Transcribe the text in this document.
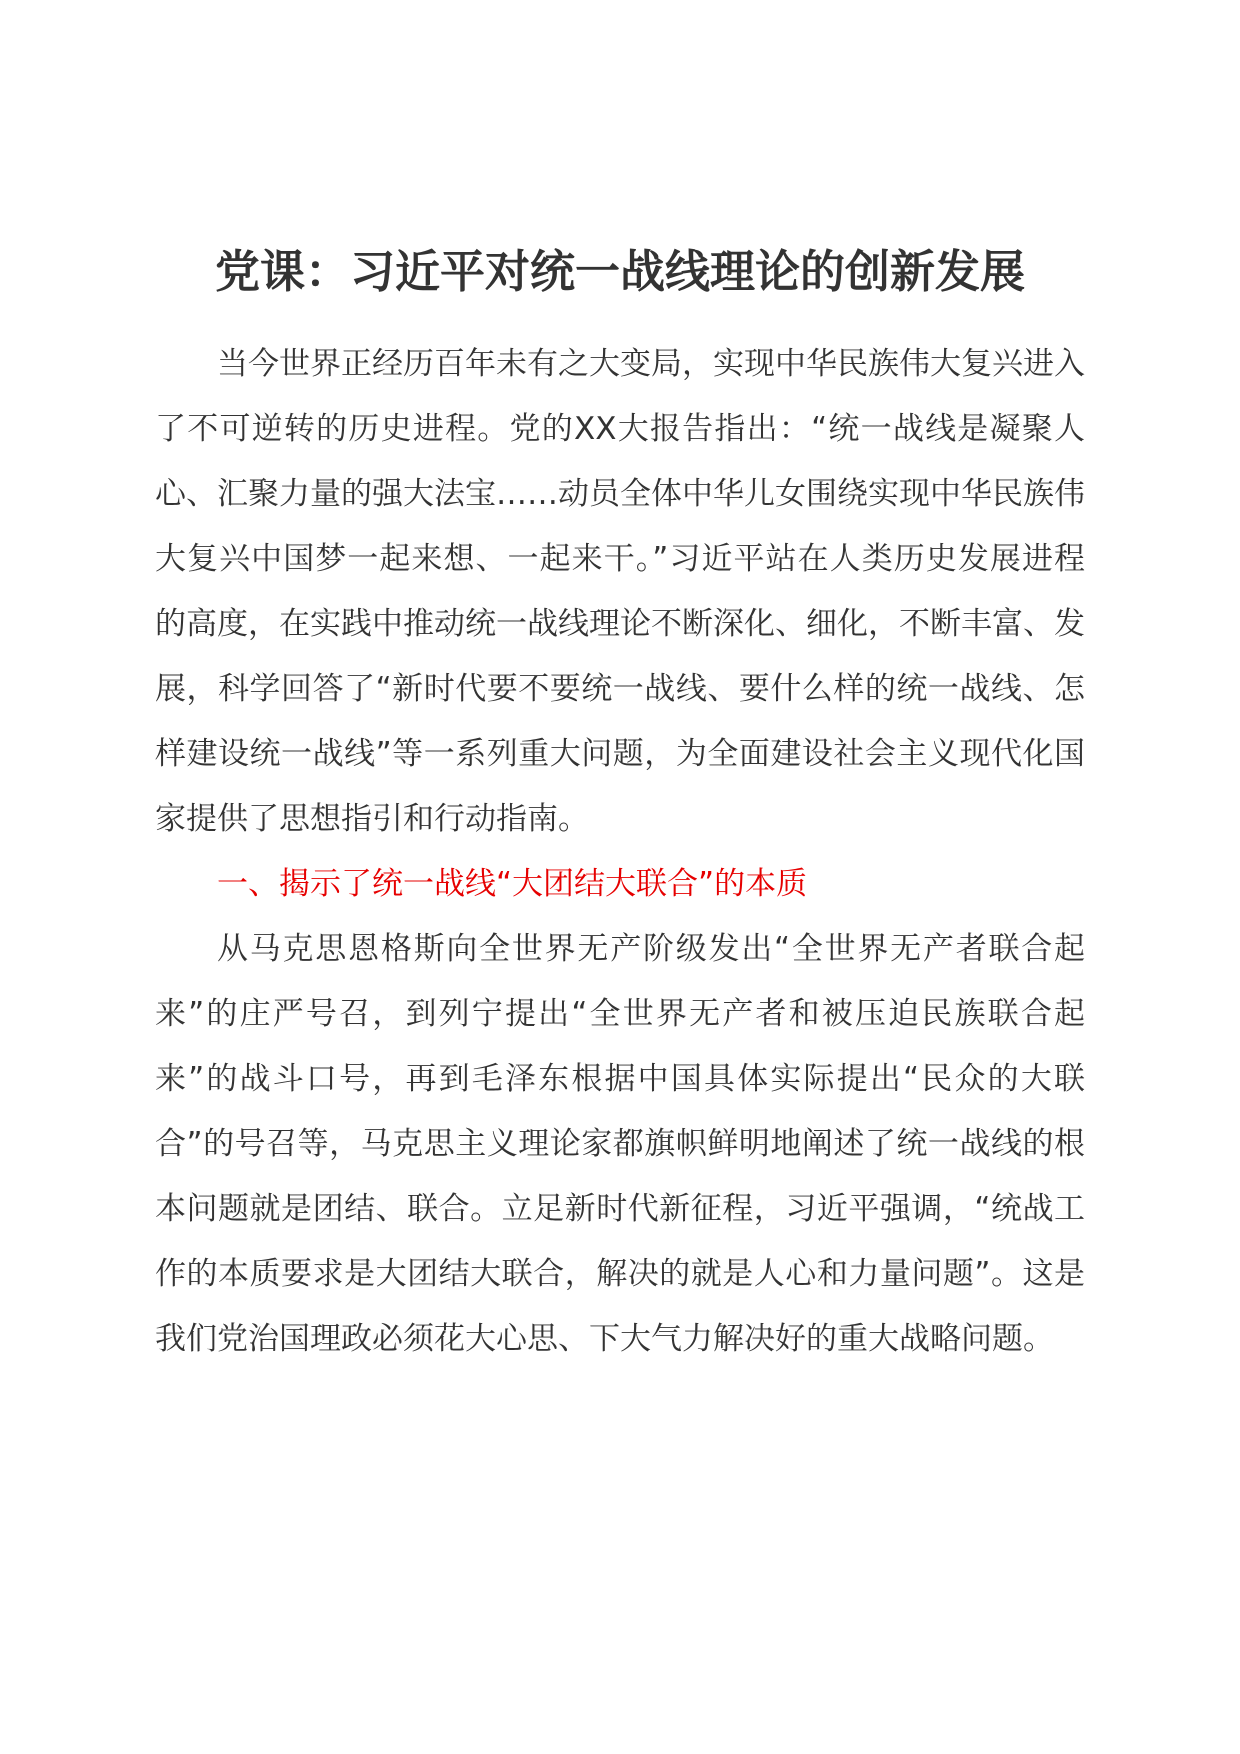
党课：习近平对统一战线理论的创新发展

当今世界正经历百年未有之大变局，实现中华民族伟大复兴进入了不可逆转的历史进程。党的XX大报告指出：“统一战线是凝聚人心、汇聚力量的强大法宝……动员全体中华儿女围绕实现中华民族伟大复兴中国梦一起来想、一起来干。”习近平站在人类历史发展进程的高度，在实践中推动统一战线理论不断深化、细化，不断丰富、发展，科学回答了“新时代要不要统一战线、要什么样的统一战线、怎样建设统一战线”等一系列重大问题，为全面建设社会主义现代化国家提供了思想指引和行动指南。

一、揭示了统一战线“大团结大联合”的本质

从马克思恩格斯向全世界无产阶级发出“全世界无产者联合起来”的庄严号召，到列宁提出“全世界无产者和被压迫民族联合起来”的战斗口号，再到毛泽东根据中国具体实际提出“民众的大联合”的号召等，马克思主义理论家都旗帜鲜明地阐述了统一战线的根本问题就是团结、联合。立足新时代新征程，习近平强调，“统战工作的本质要求是大团结大联合，解决的就是人心和力量问题”。这是我们党治国理政必须花大心思、下大气力解决好的重大战略问题。
